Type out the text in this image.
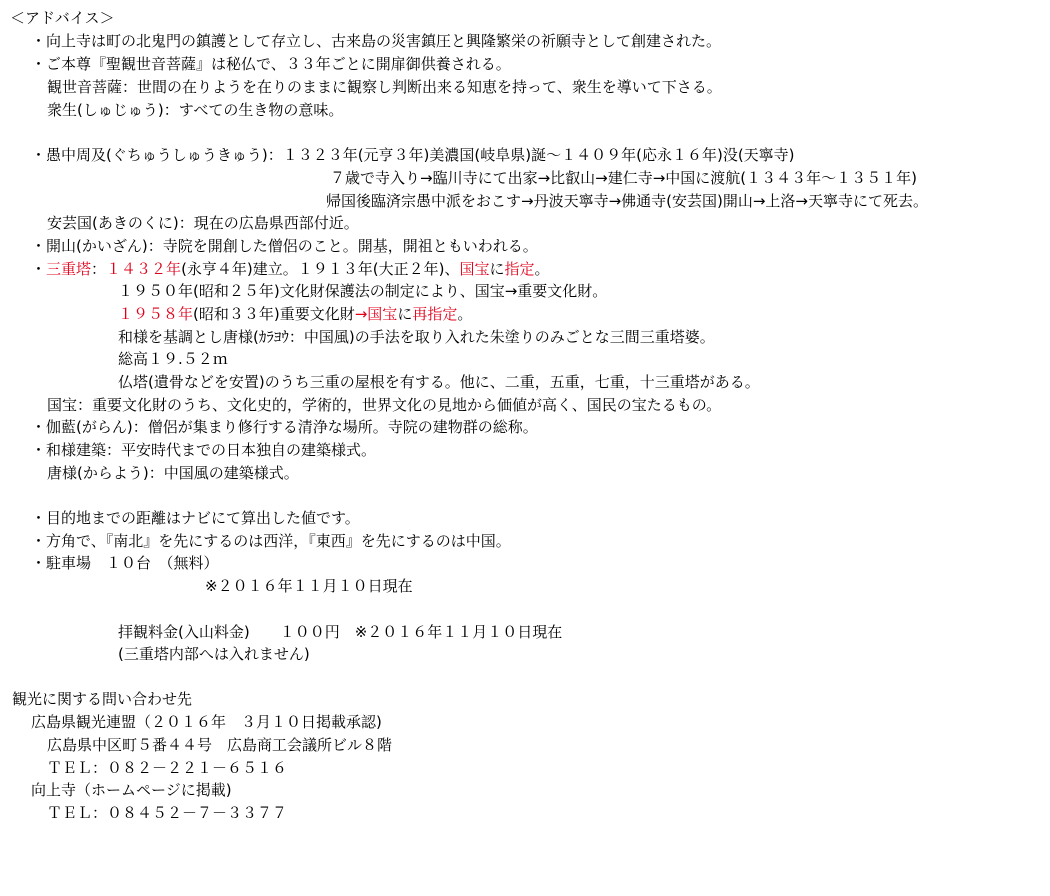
＜アドバイス＞
・向上寺は町の北鬼門の鎮護として存立し、古来島の災害鎮圧と興隆繁栄の祈願寺として創建された。
・ご本尊『聖観世音菩薩』は秘仏で、３３年ごとに開扉御供養される。
観世音菩薩：世間の在りようを在りのままに観察し判断出来る知恵を持って、衆生を導いて下さる。
衆生(しゅじゅう)：すべての生き物の意味。
・愚中周及(ぐちゅうしゅうきゅう)：１３２３年(元亨３年)美濃国(岐阜県)誕～１４０９年(応永１６年)没(天寧寺)
７歳で寺入り→臨川寺にて出家→比叡山→建仁寺→中国に渡航(１３４３年～１３５１年)
帰国後臨済宗愚中派をおこす→丹波天寧寺→佛通寺(安芸国)開山→上洛→天寧寺にて死去。
安芸国(あきのくに)：現在の広島県西部付近。
・開山(かいざん)：寺院を開創した僧侶のこと。開基，開祖ともいわれる。
・三重塔：１４３２年(永亨４年)建立。１９１３年(大正２年)、国宝に指定。
１９５０年(昭和２５年)文化財保護法の制定により、国宝→重要文化財。
１９５８年(昭和３３年)重要文化財→国宝に再指定。
和様を基調とし唐様(ｶﾗﾖｳ：中国風)の手法を取り入れた朱塗りのみごとな三間三重塔婆。
総高１９.５２ｍ
仏塔(遺骨などを安置)のうち三重の屋根を有する。他に、二重，五重，七重，十三重塔がある。
国宝：重要文化財のうち、文化史的，学術的，世界文化の見地から価値が高く、国民の宝たるもの。
・伽藍(がらん)：僧侶が集まり修行する清浄な場所。寺院の建物群の総称。
・和様建築：平安時代までの日本独自の建築様式。
唐様(からよう)：中国風の建築様式。
・目的地までの距離はナビにて算出した値です。
・方角で、『南北』を先にするのは西洋，『東西』を先にするのは中国。
・駐車場　１０台　（無料）
※２０１６年１１月１０日現在
拝観料金(入山料金)　　１００円　※２０１６年１１月１０日現在
(三重塔内部へは入れません)
観光に関する問い合わせ先
広島県観光連盟（２０１６年　３月１０日掲載承認)
広島県中区町５番４４号　広島商工会議所ビル８階
ＴＥＬ：０８２－２２１－６５１６
向上寺（ホームページに掲載)
ＴＥＬ：０８４５２－７－３３７７
